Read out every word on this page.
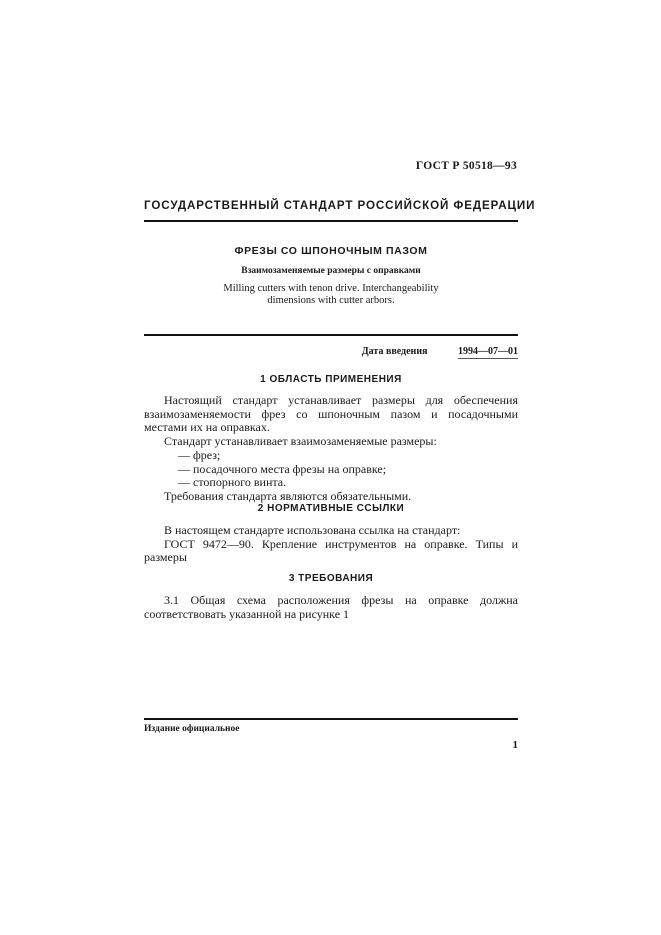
ГОСТ Р 50518—93
ГОСУДАРСТВЕННЫЙ СТАНДАРТ РОССИЙСКОЙ ФЕДЕРАЦИИ
ФРЕЗЫ СО ШПОНОЧНЫМ ПАЗОМ
Взаимозаменяемые размеры с оправками
Milling cutters with tenon drive. Interchangeability
dimensions with cutter arbors.
Дата введения	1994—07—01
1 ОБЛАСТЬ ПРИМЕНЕНИЯ

Настоящий стандарт устанавливает размеры для обеспечения взаимозаменяемости фрез со шпоночным пазом и посадочными местами их на оправках.

Стандарт устанавливает взаимозаменяемые размеры:

— фрез;

— посадочного места фрезы на оправке;

— стопорного винта.

Требования стандарта являются обязательными.

2 НОРМАТИВНЫЕ ССЫЛКИ

В настоящем стандарте использована ссылка на стандарт:

ГОСТ 9472—90. Крепление инструментов на оправке. Типы и размеры

3 ТРЕБОВАНИЯ

3.1 Общая схема расположения фрезы на оправке должна соответствовать указанной на рисунке 1

Издание официальное
1
